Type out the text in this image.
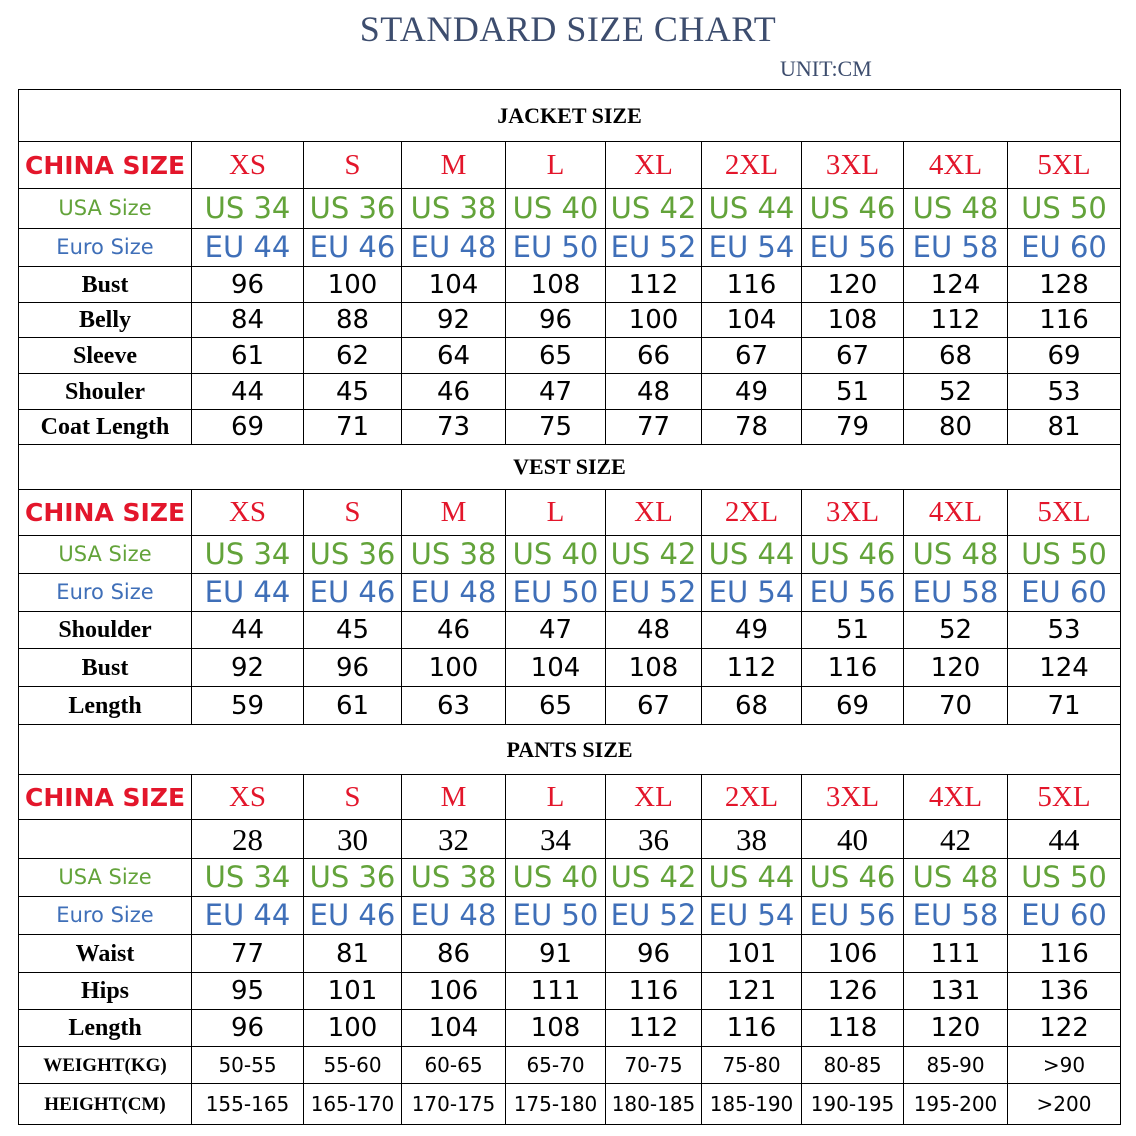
STANDARD SIZE CHART
UNIT:CM
JACKET SIZE									
CHINA SIZE	XS	S	M	L	XL	2XL	3XL	4XL	5XL
USA Size	US 34	US 36	US 38	US 40	US 42	US 44	US 46	US 48	US 50
Euro Size	EU 44	EU 46	EU 48	EU 50	EU 52	EU 54	EU 56	EU 58	EU 60
Bust	96	100	104	108	112	116	120	124	128
Belly	84	88	92	96	100	104	108	112	116
Sleeve	61	62	64	65	66	67	67	68	69
Shouler	44	45	46	47	48	49	51	52	53
Coat Length	69	71	73	75	77	78	79	80	81
VEST SIZE									
CHINA SIZE	XS	S	M	L	XL	2XL	3XL	4XL	5XL
USA Size	US 34	US 36	US 38	US 40	US 42	US 44	US 46	US 48	US 50
Euro Size	EU 44	EU 46	EU 48	EU 50	EU 52	EU 54	EU 56	EU 58	EU 60
Shoulder	44	45	46	47	48	49	51	52	53
Bust	92	96	100	104	108	112	116	120	124
Length	59	61	63	65	67	68	69	70	71
PANTS SIZE									
CHINA SIZE	XS	S	M	L	XL	2XL	3XL	4XL	5XL
	28	30	32	34	36	38	40	42	44
USA Size	US 34	US 36	US 38	US 40	US 42	US 44	US 46	US 48	US 50
Euro Size	EU 44	EU 46	EU 48	EU 50	EU 52	EU 54	EU 56	EU 58	EU 60
Waist	77	81	86	91	96	101	106	111	116
Hips	95	101	106	111	116	121	126	131	136
Length	96	100	104	108	112	116	118	120	122
WEIGHT(KG)	50-55	55-60	60-65	65-70	70-75	75-80	80-85	85-90	>90
HEIGHT(CM)	155-165	165-170	170-175	175-180	180-185	185-190	190-195	195-200	>200
